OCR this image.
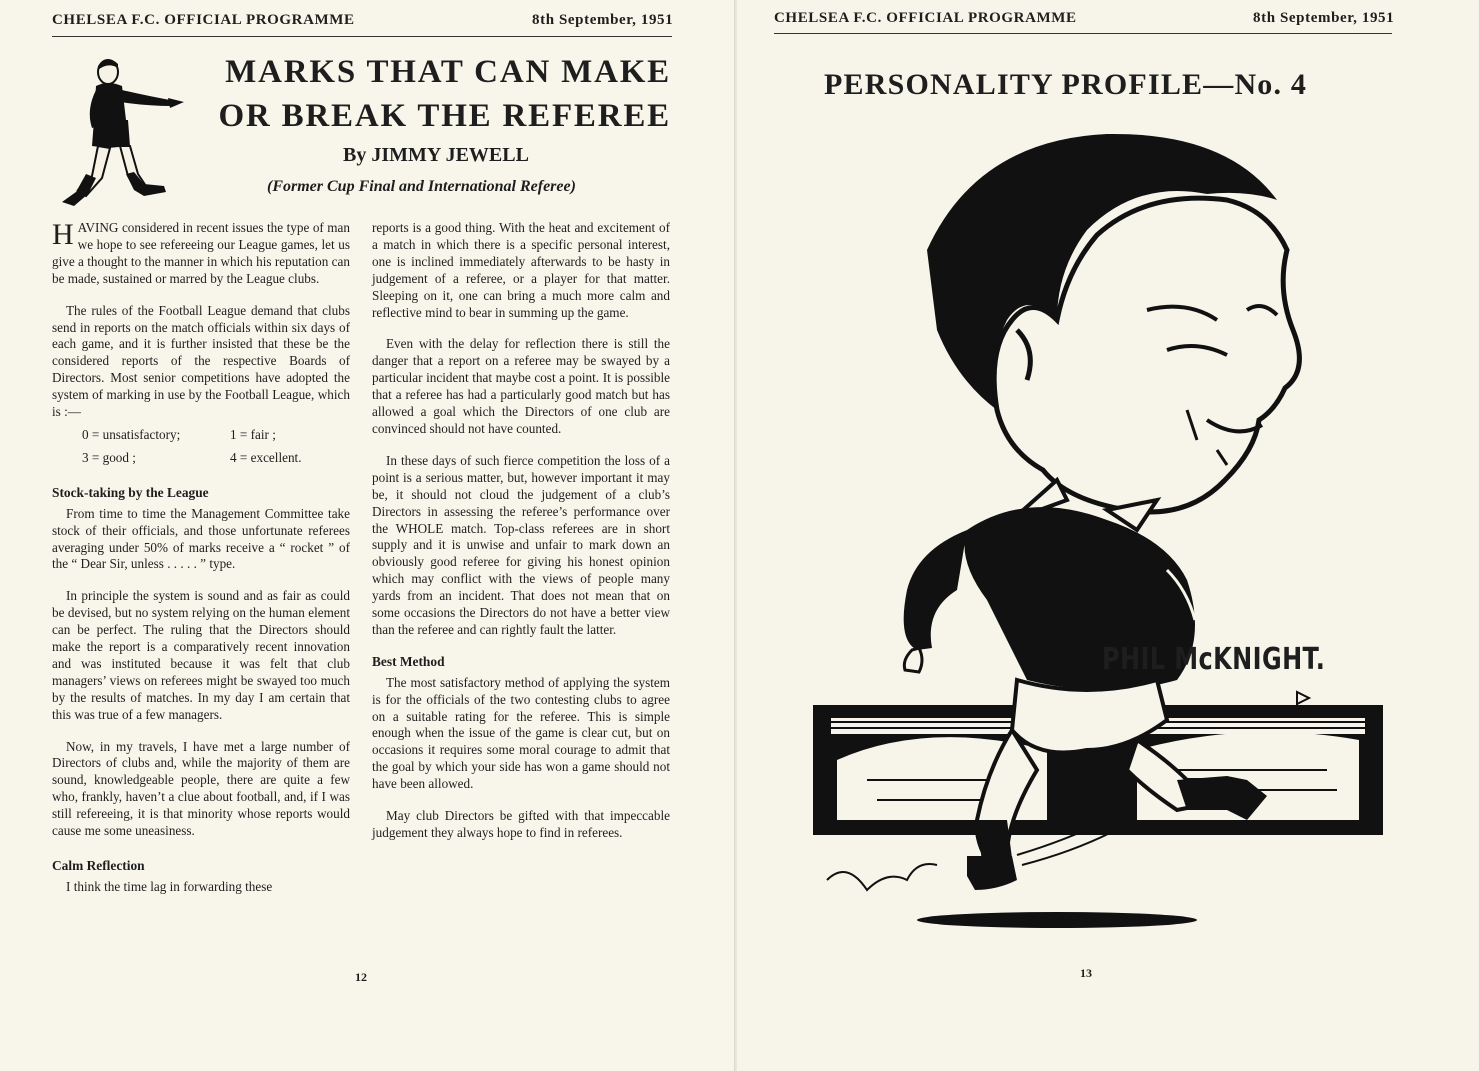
CHELSEA F.C. OFFICIAL PROGRAMME	8th September, 1951
MARKS THAT CAN MAKE
OR BREAK THE REFEREE
By JIMMY JEWELL
(Former Cup Final and International Referee)

HAVING considered in recent issues the type of man we hope to see refereeing our League games, let us give a thought to the manner in which his reputation can be made, sustained or marred by the League clubs.

The rules of the Football League demand that clubs send in reports on the match officials within six days of each game, and it is further insisted that these be the considered reports of the respective Boards of Directors. Most senior competitions have adopted the system of marking in use by the Football League, which is :—

0 = unsatisfactory;	1 = fair ;
3 = good ;	4 = excellent.
Stock-taking by the League

From time to time the Management Committee take stock of their officials, and those unfortunate referees averaging under 50% of marks receive a “ rocket ” of the “ Dear Sir, unless . . . . . ” type.

In principle the system is sound and as fair as could be devised, but no system relying on the human element can be perfect. The ruling that the Directors should make the report is a comparatively recent innovation and was instituted because it was felt that club managers’ views on referees might be swayed too much by the results of matches. In my day I am certain that this was true of a few managers.

Now, in my travels, I have met a large number of Directors of clubs and, while the majority of them are sound, knowledgeable people, there are quite a few who, frankly, haven’t a clue about football, and, if I was still refereeing, it is that minority whose reports would cause me some uneasiness.

Calm Reflection

I think the time lag in forwarding these

reports is a good thing. With the heat and excitement of a match in which there is a specific personal interest, one is inclined immediately afterwards to be hasty in judgement of a referee, or a player for that matter. Sleeping on it, one can bring a much more calm and reflective mind to bear in summing up the game.

Even with the delay for reflection there is still the danger that a report on a referee may be swayed by a particular incident that maybe cost a point. It is possible that a referee has had a particularly good match but has allowed a goal which the Directors of one club are convinced should not have counted.

In these days of such fierce competition the loss of a point is a serious matter, but, however important it may be, it should not cloud the judgement of a club’s Directors in assessing the referee’s performance over the WHOLE match. Top-class referees are in short supply and it is unwise and unfair to mark down an obviously good referee for giving his honest opinion which may conflict with the views of people many yards from an incident. That does not mean that on some occasions the Directors do not have a better view than the referee and can rightly fault the latter.

Best Method

The most satisfactory method of applying the system is for the officials of the two contesting clubs to agree on a suitable rating for the referee. This is simple enough when the issue of the game is clear cut, but on occasions it requires some moral courage to admit that the goal by which your side has won a game should not have been allowed.

May club Directors be gifted with that impeccable judgement they always hope to find in referees.

12
CHELSEA F.C. OFFICIAL PROGRAMME	8th September, 1951
PERSONALITY PROFILE—No. 4
PHIL McKNIGHT.
13
